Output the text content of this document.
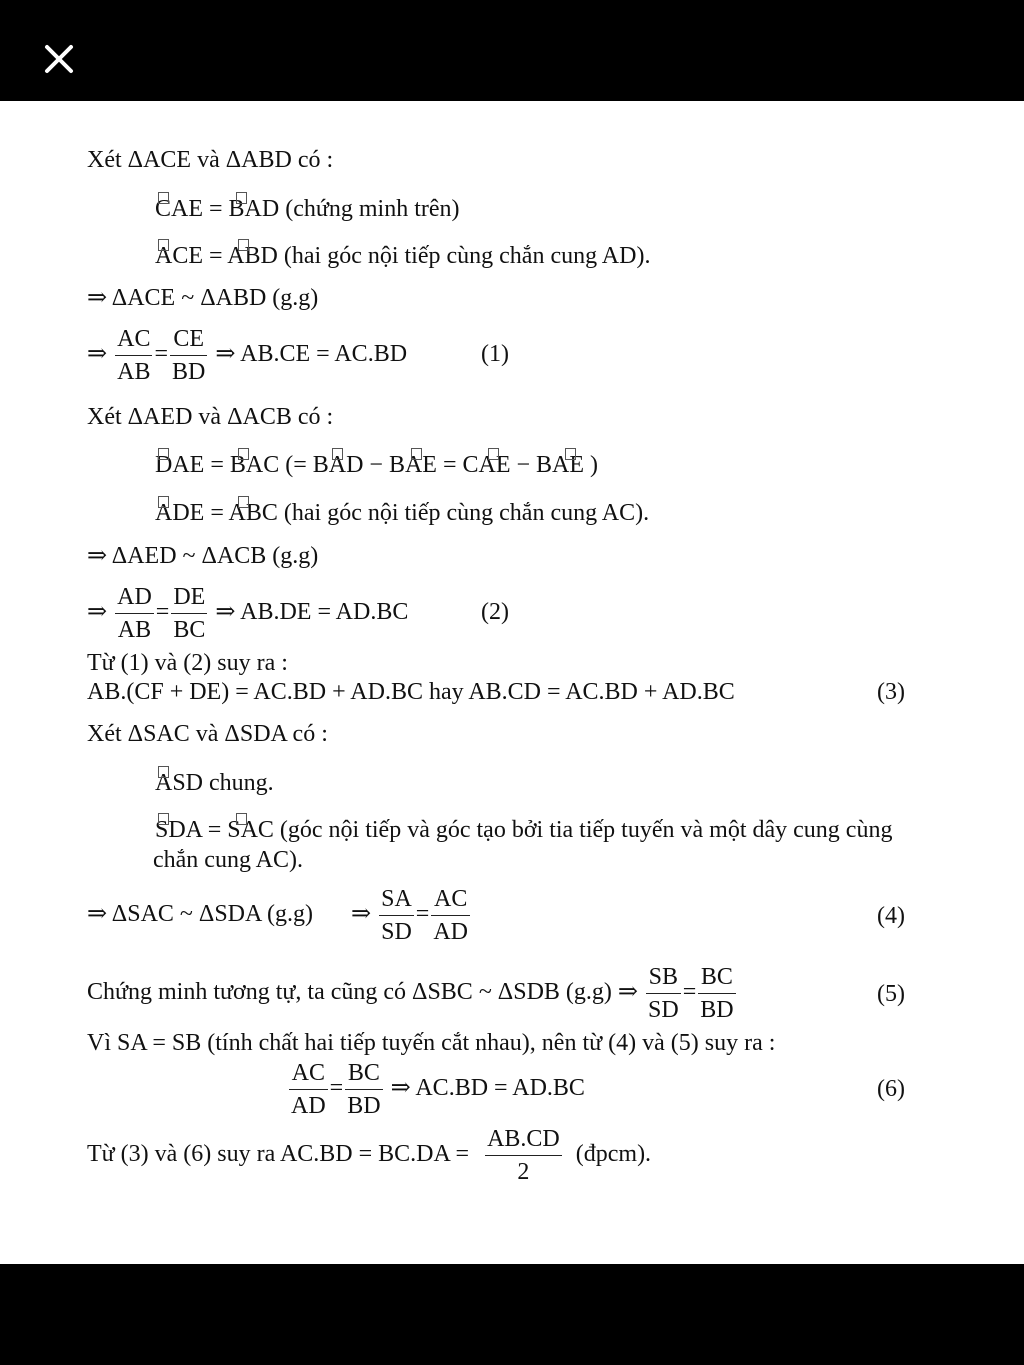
Xét ΔACE và ΔABD có :
CAE = BAD (chứng minh trên)
ACE = ABD (hai góc nội tiếp cùng chắn cung AD).
⇒ ΔACE ~ ΔABD (g.g)
⇒ $\frac{AC}{AB} = \frac{CE}{BD}$ ⇒ AB.CE = AC.BD	(1)
Xét ΔAED và ΔACB có :
DAE = BAC (= BAD − BAE = CAE − BAE )
ADE = ABC (hai góc nội tiếp cùng chắn cung AC).
⇒ ΔAED ~ ΔACB (g.g)
⇒ $\frac{AD}{AB} = \frac{DE}{BC}$ ⇒ AB.DE = AD.BC	(2)
Từ (1) và (2) suy ra :
AB.(CF + DE) = AC.BD + AD.BC hay AB.CD = AC.BD + AD.BC	(3)
Xét ΔSAC và ΔSDA có :
ASD chung.
SDA = SAC (góc nội tiếp và góc tạo bởi tia tiếp tuyến và một dây cung cùng
chắn cung AC).
⇒ ΔSAC ~ ΔSDA (g.g) ⇒ $\frac{SA}{SD} = \frac{AC}{AD}$	(4)
Chứng minh tương tự, ta cũng có ΔSBC ~ ΔSDB (g.g) ⇒ $\frac{SB}{SD} = \frac{BC}{BD}$	(5)
Vì SA = SB (tính chất hai tiếp tuyến cắt nhau), nên từ (4) và (5) suy ra :
$\frac{AC}{AD} = \frac{BC}{BD}$ ⇒ AC.BD = AD.BC	(6)
Từ (3) và (6) suy ra $AC.BD = BC.DA = \frac{AB.CD}{2}$ (đpcm).
